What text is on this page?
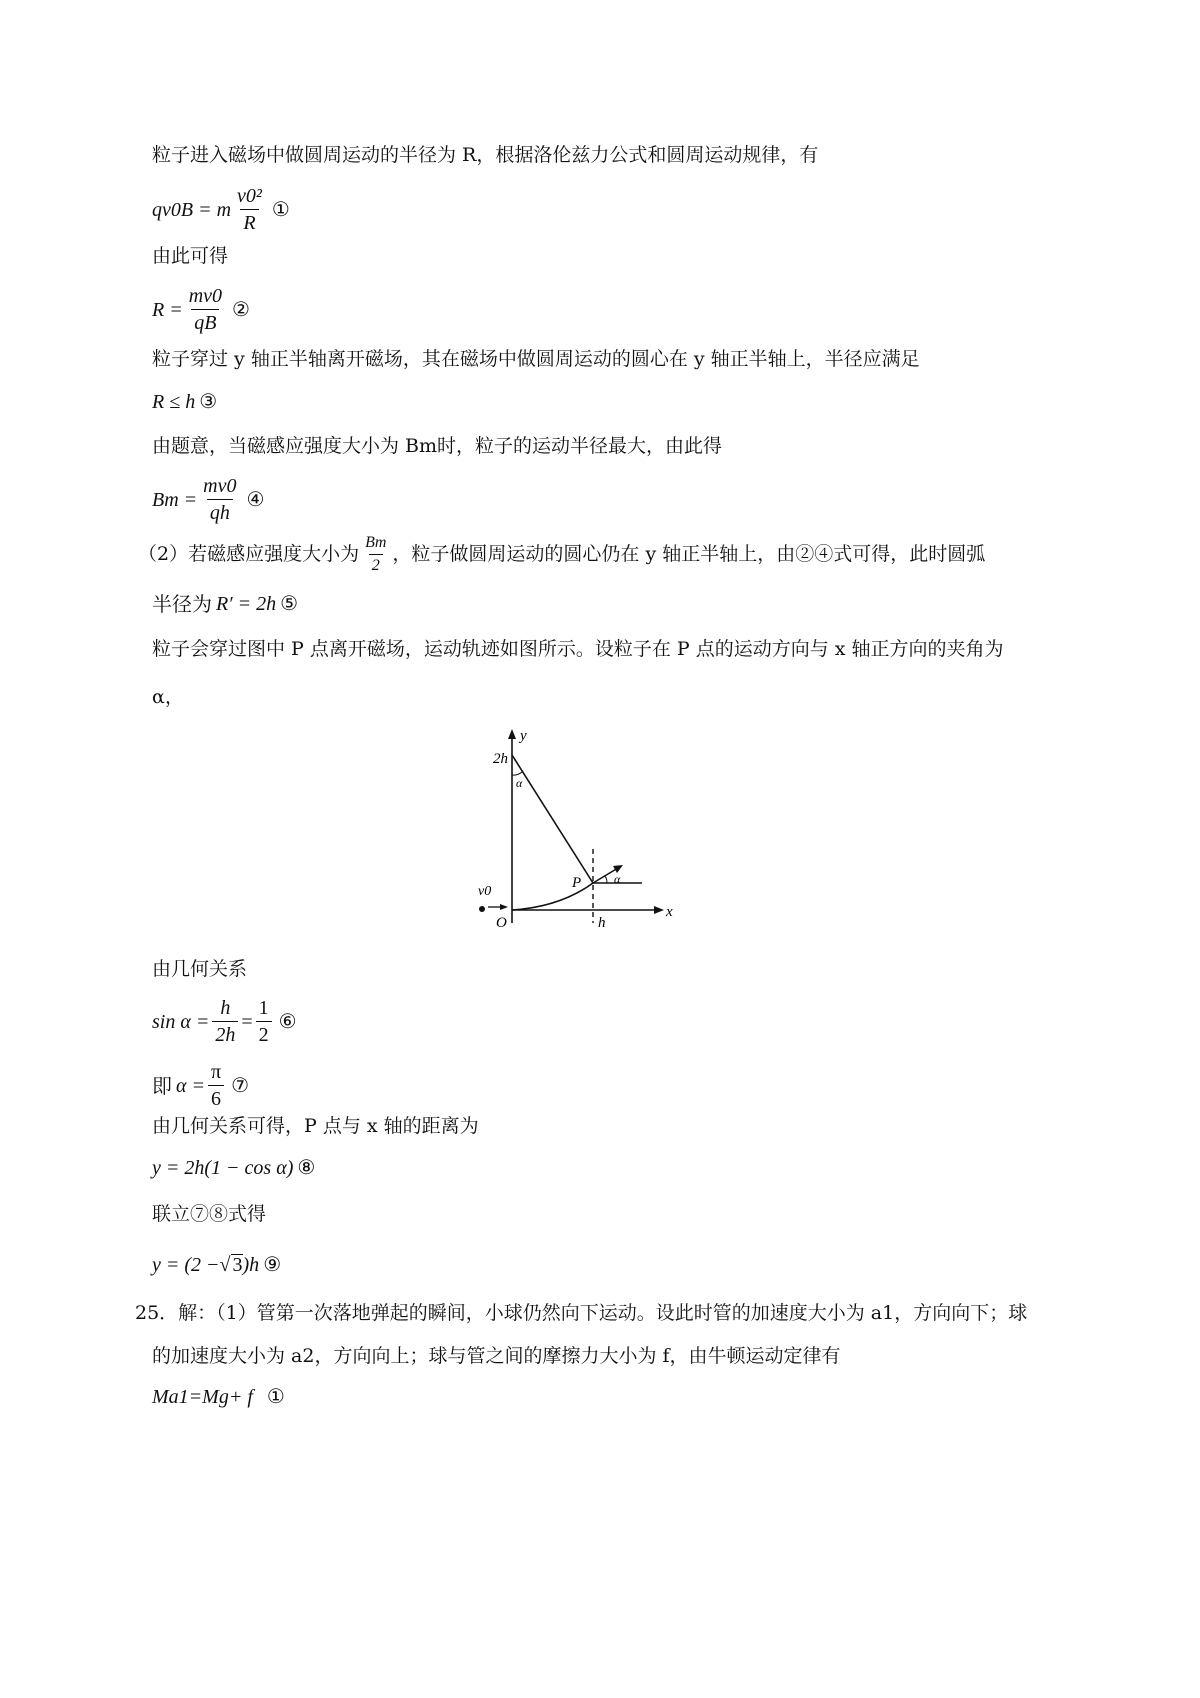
粒子进入磁场中做圆周运动的半径为 R，根据洛伦兹力公式和圆周运动规律，有
qv0B = m $\frac{\text{v0²}}{R}$ ①
由此可得
$R = \frac{mv0}{qB}$ ②
粒子穿过 y 轴正半轴离开磁场，其在磁场中做圆周运动的圆心在 y 轴正半轴上，半径应满足
R ≤ h ③
由题意，当磁感应强度大小为 Bm时，粒子的运动半径最大，由此得
$Bm = \frac{mv0}{qh}$ ④
（2）若磁感应强度大小为 $\frac{Bm}{2}$ ，粒子做圆周运动的圆心仍在 y 轴正半轴上，由②④式可得，此时圆弧
半径为 R′ = 2h ⑤
粒子会穿过图中 P 点离开磁场，运动轨迹如图所示。设粒子在 P 点的运动方向与 x 轴正方向的夹角为
α，
y
2h
α
P	α
v0
O	h
x
由几何关系
$\sin \alpha = \frac{h}{2h} = \frac{1}{2}$ ⑥
即 $\alpha = \frac{\pi}{6}$ ⑦
由几何关系可得，P 点与 x 轴的距离为
y = 2h(1 − cos α) ⑧
联立⑦⑧式得
y = (2 − √ 3 )h ⑨
25．解：（1）管第一次落地弹起的瞬间，小球仍然向下运动。设此时管的加速度大小为 a1，方向向下；球
的加速度大小为 a2，方向向上；球与管之间的摩擦力大小为 f，由牛顿运动定律有
Ma1=Mg+ f ①
